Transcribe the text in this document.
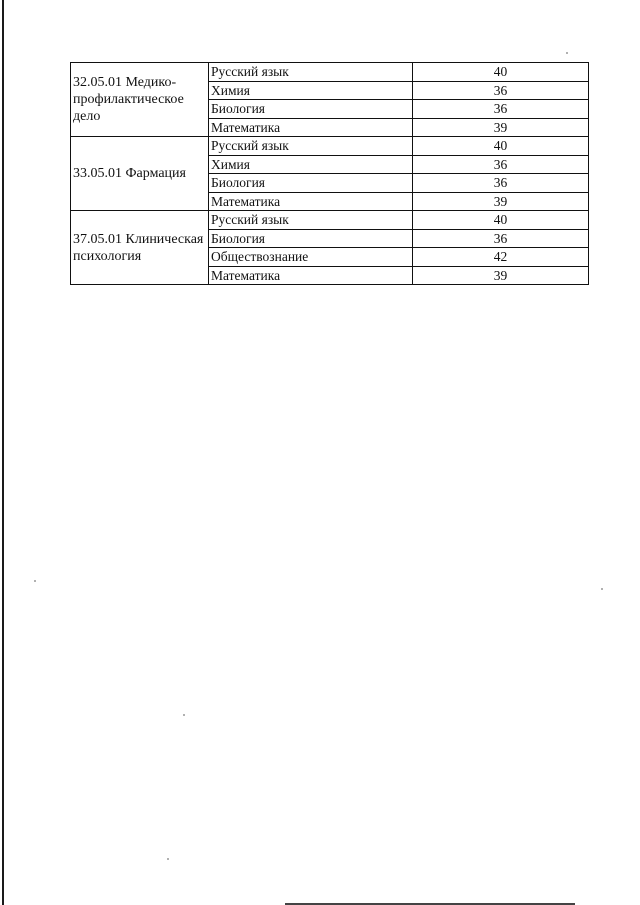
32.05.01 Медико-профилактическое дело	Русский язык	40
	Химия	36
	Биология	36
	Математика	39
33.05.01 Фармация	Русский язык	40
	Химия	36
	Биология	36
	Математика	39
37.05.01 Клиническая психология	Русский язык	40
	Биология	36
	Обществознание	42
	Математика	39
